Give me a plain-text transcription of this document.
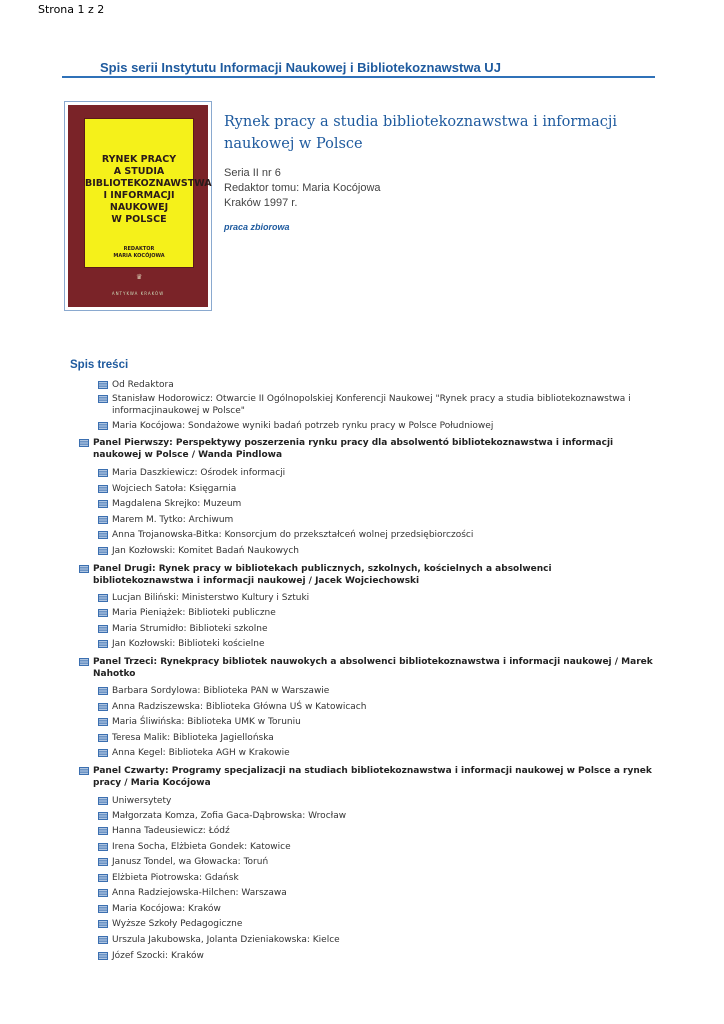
Strona 1 z 2
Spis serii Instytutu Informacji Naukowej i Bibliotekoznawstwa UJ
RYNEK PRACY
A STUDIA
BIBLIOTEKOZNAWSTWA
I INFORMACJI NAUKOWEJ
W POLSCE
REDAKTOR
MARIA KOCÓJOWA
♛
ANTYKWA KRAKÓW
Rynek pracy a studia bibliotekoznawstwa i informacji naukowej w Polsce
Seria II nr 6
Redaktor tomu: Maria Kocójowa
Kraków 1997 r.
praca zbiorowa
Spis treści
Od Redaktora
Stanisław Hodorowicz: Otwarcie II Ogólnopolskiej Konferencji Naukowej "Rynek pracy a studia bibliotekoznawstwa i informacjinaukowej w Polsce"
Maria Kocójowa: Sondażowe wyniki badań potrzeb rynku pracy w Polsce Południowej
Panel Pierwszy: Perspektywy poszerzenia rynku pracy dla absolwentó bibliotekoznawstwa i informacji naukowej w Polsce / Wanda Pindlowa
Maria Daszkiewicz: Ośrodek informacji
Wojciech Satoła: Księgarnia
Magdalena Skrejko: Muzeum
Marem M. Tytko: Archiwum
Anna Trojanowska-Bitka: Konsorcjum do przekształceń wolnej przedsiębiorczości
Jan Kozłowski: Komitet Badań Naukowych
Panel Drugi: Rynek pracy w bibliotekach publicznych, szkolnych, kościelnych a absolwenci bibliotekoznawstwa i informacji naukowej / Jacek Wojciechowski
Lucjan Biliński: Ministerstwo Kultury i Sztuki
Maria Pieniążek: Biblioteki publiczne
Maria Strumidło: Biblioteki szkolne
Jan Kozłowski: Biblioteki kościelne
Panel Trzeci: Rynekpracy bibliotek nauwokych a absolwenci bibliotekoznawstwa i informacji naukowej / Marek Nahotko
Barbara Sordylowa: Biblioteka PAN w Warszawie
Anna Radziszewska: Biblioteka Główna UŚ w Katowicach
Maria Śliwińska: Biblioteka UMK w Toruniu
Teresa Malik: Biblioteka Jagiellońska
Anna Kegel: Biblioteka AGH w Krakowie
Panel Czwarty: Programy specjalizacji na studiach bibliotekoznawstwa i informacji naukowej w Polsce a rynek pracy / Maria Kocójowa
Uniwersytety
Małgorzata Komza, Zofia Gaca-Dąbrowska: Wrocław
Hanna Tadeusiewicz: Łódź
Irena Socha, Elżbieta Gondek: Katowice
Janusz Tondel, wa Głowacka: Toruń
Elżbieta Piotrowska: Gdańsk
Anna Radziejowska-Hilchen: Warszawa
Maria Kocójowa: Kraków
Wyższe Szkoły Pedagogiczne
Urszula Jakubowska, Jolanta Dzieniakowska: Kielce
Józef Szocki: Kraków
